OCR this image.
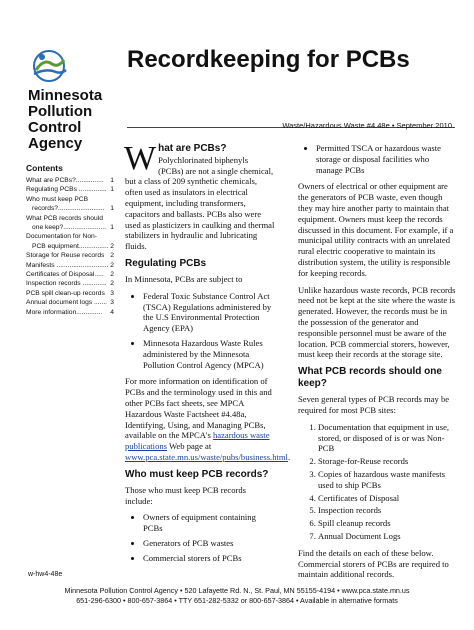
Minnesota
Pollution
Control
Agency
Recordkeeping for PCBs
Waste/Hazardous Waste #4.48e • September 2010
Contents
What are PCBs?............... 1
Regulating PCBs ............... 1
Who must keep PCB
records?......................... 1
What PCB records should
one keep?....................... 1
Documentation for Non-
PCB equipment................ 2
Storage for Reuse records 2
Manifests ............................ 2
Certificates of Disposal..... 2
Inspection records ............. 2
PCB spill clean-up records 3
Annual document logs ....... 3
More information.............. 4

What are PCBs?
Polychlorinated biphenyls (PCBs) are not a single chemical, but a class of 209 synthetic chemicals, often used as insulators in electrical equipment, including transformers, capacitors and ballasts. PCBs also were used as plasticizers in caulking and thermal stabilizers in hydraulic and lubricating fluids.

Regulating PCBs

In Minnesota, PCBs are subject to

• Federal Toxic Substance Control Act (TSCA) Regulations administered by the U.S Environmental Protection Agency (EPA)
• Minnesota Hazardous Waste Rules administered by the Minnesota Pollution Control Agency (MPCA)

For more information on identification of PCBs and the terminology used in this and other PCBs fact sheets, see MPCA Hazardous Waste Factsheet #4.48a, Identifying, Using, and Managing PCBs, available on the MPCA's hazardous waste publications Web page at www.pca.state.mn.us/waste/pubs/business.html.

Who must keep PCB records?

Those who must keep PCB records include:

• Owners of equipment containing PCBs
• Generators of PCB wastes
• Commercial storers of PCBs
• Permitted TSCA or hazardous waste storage or disposal facilities who manage PCBs

Owners of electrical or other equipment are the generators of PCB waste, even though they may hire another party to maintain that equipment. Owners must keep the records discussed in this document. For example, if a municipal utility contracts with an unrelated rural electric cooperative to maintain its distribution system, the utility is responsible for keeping records.

Unlike hazardous waste records, PCB records need not be kept at the site where the waste is generated. However, the records must be in the possession of the generator and responsible personnel must be aware of the location. PCB commercial storers, however, must keep their records at the storage site.

What PCB records should one keep?

Seven general types of PCB records may be required for most PCB sites:

1. Documentation that equipment in use, stored, or disposed of is or was Non-PCB
2. Storage-for-Reuse records
3. Copies of hazardous waste manifests used to ship PCBs
4. Certificates of Disposal
5. Inspection records
6. Spill cleanup records
7. Annual Document Logs

Find the details on each of these below. Commercial storers of PCBs are required to maintain additional records.

w-hw4-48e
Minnesota Pollution Control Agency • 520 Lafayette Rd. N., St. Paul, MN 55155-4194 • www.pca.state.mn.us
651-296-6300 • 800-657-3864 • TTY 651-282-5332 or 800-657-3864 • Available in alternative formats
